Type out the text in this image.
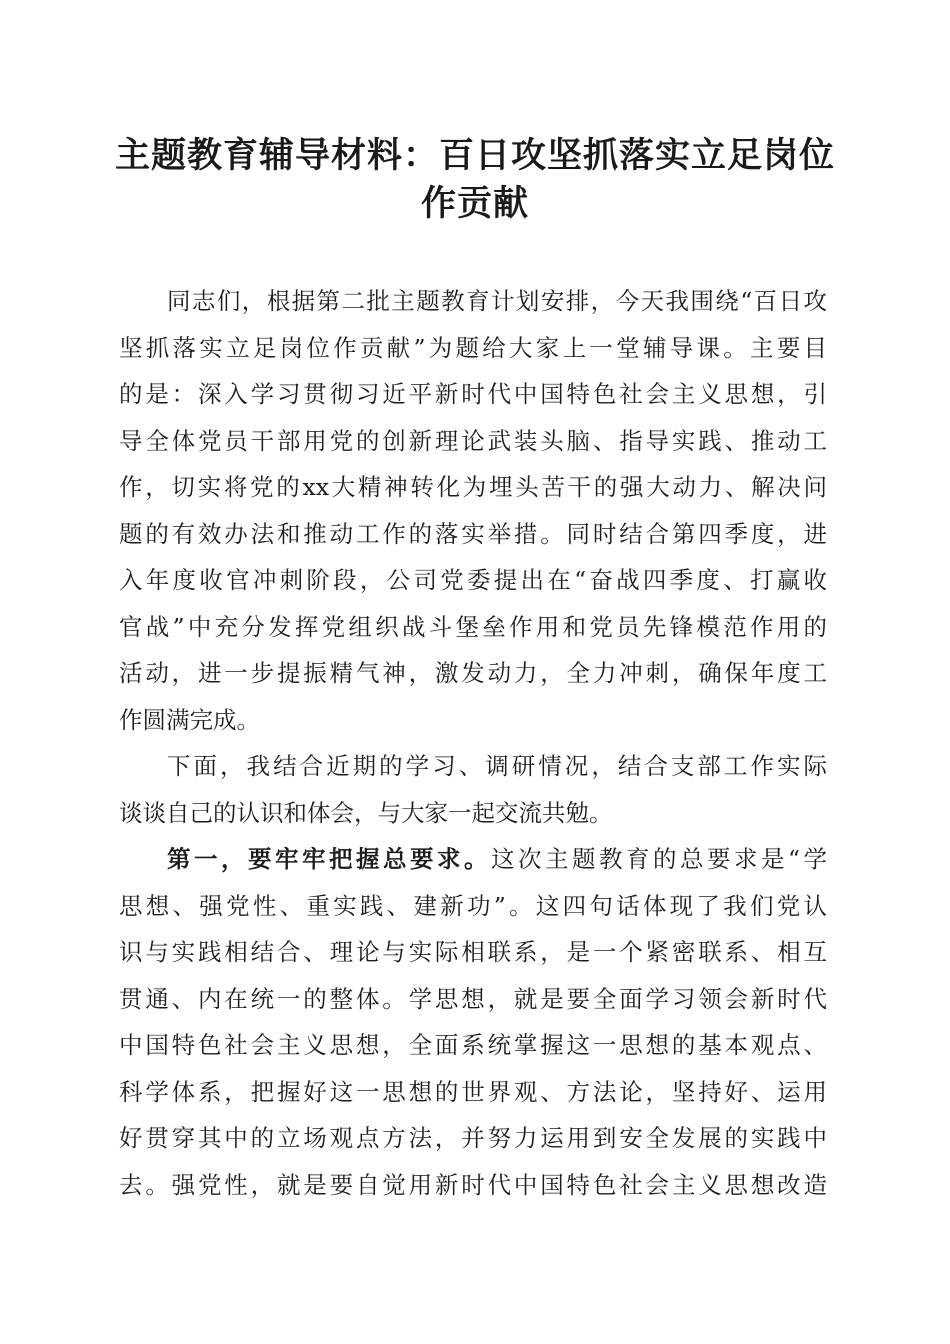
主题教育辅导材料：百日攻坚抓落实立足岗位
作贡献
同志们，根据第二批主题教育计划安排，今天我围绕“百日攻
坚抓落实立足岗位作贡献”为题给大家上一堂辅导课。主要目
的是：深入学习贯彻习近平新时代中国特色社会主义思想，引
导全体党员干部用党的创新理论武装头脑、指导实践、推动工
作，切实将党的xx大精神转化为埋头苦干的强大动力、解决问
题的有效办法和推动工作的落实举措。同时结合第四季度，进
入年度收官冲刺阶段，公司党委提出在“奋战四季度、打赢收
官战”中充分发挥党组织战斗堡垒作用和党员先锋模范作用的
活动，进一步提振精气神，激发动力，全力冲刺，确保年度工
作圆满完成。
下面，我结合近期的学习、调研情况，结合支部工作实际
谈谈自己的认识和体会，与大家一起交流共勉。
第一，要牢牢把握总要求。这次主题教育的总要求是“学
思想、强党性、重实践、建新功”。这四句话体现了我们党认
识与实践相结合、理论与实际相联系，是一个紧密联系、相互
贯通、内在统一的整体。学思想，就是要全面学习领会新时代
中国特色社会主义思想，全面系统掌握这一思想的基本观点、
科学体系，把握好这一思想的世界观、方法论，坚持好、运用
好贯穿其中的立场观点方法，并努力运用到安全发展的实践中
去。强党性，就是要自觉用新时代中国特色社会主义思想改造
